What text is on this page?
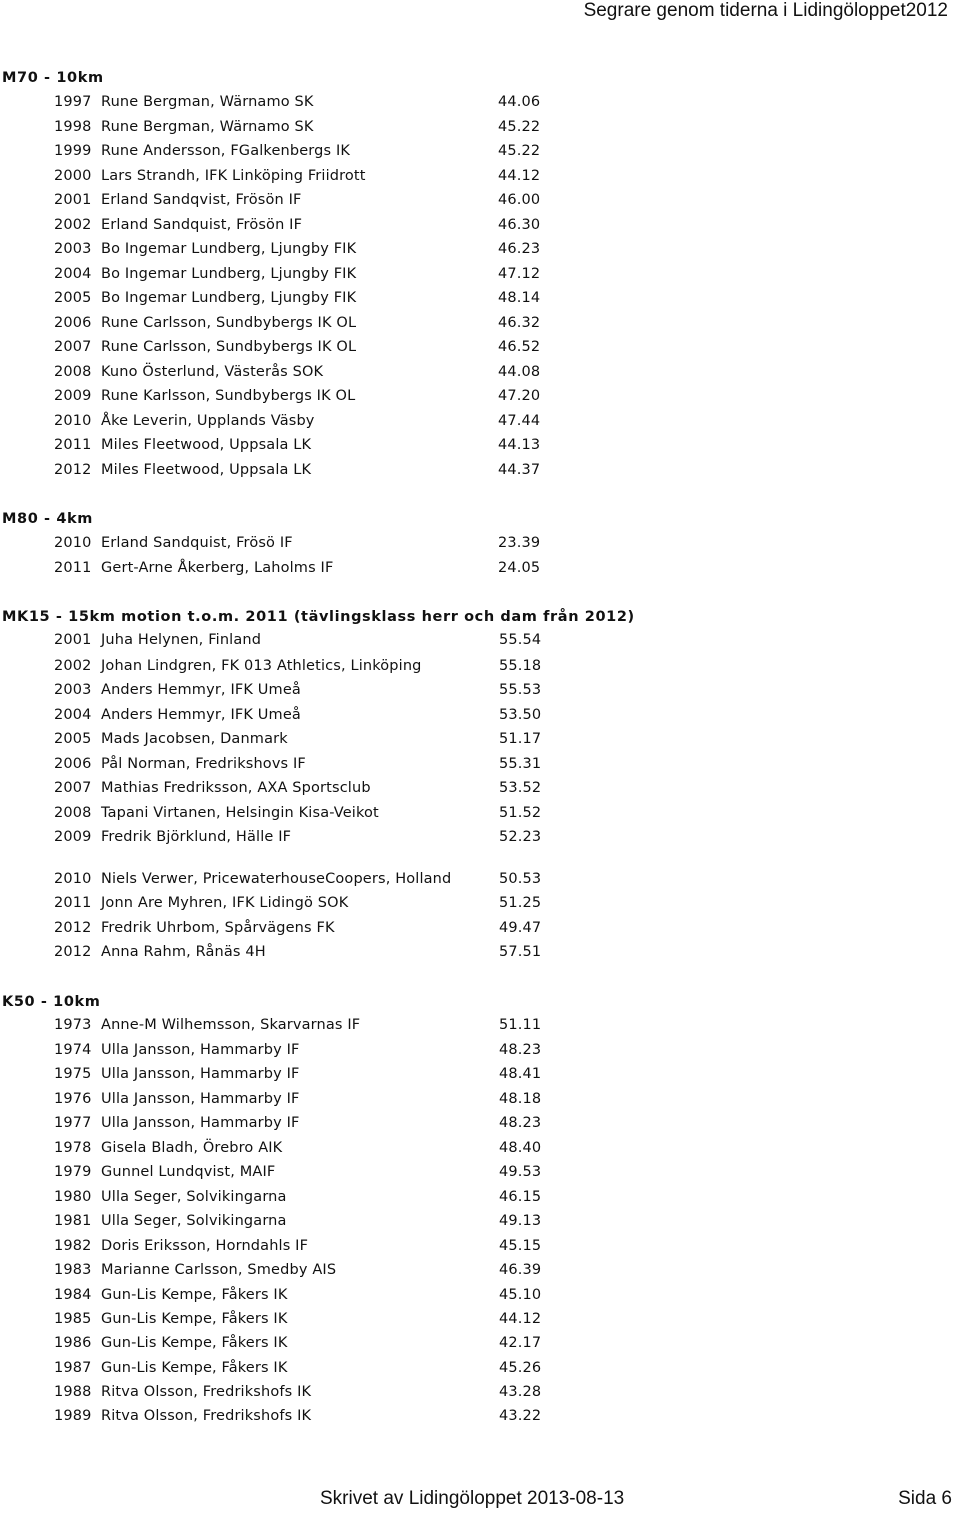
Segrare genom tiderna i Lidingöloppet2012
M70 - 10km
1997 Rune Bergman, Wärnamo SK	44.06
1998 Rune Bergman, Wärnamo SK	45.22
1999 Rune Andersson, FGalkenbergs IK	45.22
2000 Lars Strandh, IFK Linköping Friidrott	44.12
2001 Erland Sandqvist, Frösön IF	46.00
2002 Erland Sandquist, Frösön IF	46.30
2003 Bo Ingemar Lundberg, Ljungby FIK	46.23
2004 Bo Ingemar Lundberg, Ljungby FIK	47.12
2005 Bo Ingemar Lundberg, Ljungby FIK	48.14
2006 Rune Carlsson, Sundbybergs IK OL	46.32
2007 Rune Carlsson, Sundbybergs IK OL	46.52
2008 Kuno Österlund, Västerås SOK	44.08
2009 Rune Karlsson, Sundbybergs IK OL	47.20
2010 Åke Leverin, Upplands Väsby	47.44
2011 Miles Fleetwood, Uppsala LK	44.13
2012 Miles Fleetwood, Uppsala LK	44.37
M80 - 4km
2010 Erland Sandquist, Frösö IF	23.39
2011 Gert-Arne Åkerberg, Laholms IF	24.05
MK15 - 15km motion t.o.m. 2011 (tävlingsklass herr och dam från 2012)
2001 Juha Helynen, Finland	55.54
2002 Johan Lindgren, FK 013 Athletics, Linköping	55.18
2003 Anders Hemmyr, IFK Umeå	55.53
2004 Anders Hemmyr, IFK Umeå	53.50
2005 Mads Jacobsen, Danmark	51.17
2006 Pål Norman, Fredrikshovs IF	55.31
2007 Mathias Fredriksson, AXA Sportsclub	53.52
2008 Tapani Virtanen, Helsingin Kisa-Veikot	51.52
2009 Fredrik Björklund, Hälle IF	52.23
2010 Niels Verwer, PricewaterhouseCoopers, Holland	50.53
2011 Jonn Are Myhren, IFK Lidingö SOK	51.25
2012 Fredrik Uhrbom, Spårvägens FK	49.47
2012 Anna Rahm, Rånäs 4H	57.51
K50 - 10km
1973 Anne-M Wilhemsson, Skarvarnas IF	51.11
1974 Ulla Jansson, Hammarby IF	48.23
1975 Ulla Jansson, Hammarby IF	48.41
1976 Ulla Jansson, Hammarby IF	48.18
1977 Ulla Jansson, Hammarby IF	48.23
1978 Gisela Bladh, Örebro AIK	48.40
1979 Gunnel Lundqvist, MAIF	49.53
1980 Ulla Seger, Solvikingarna	46.15
1981 Ulla Seger, Solvikingarna	49.13
1982 Doris Eriksson, Horndahls IF	45.15
1983 Marianne Carlsson, Smedby AIS	46.39
1984 Gun-Lis Kempe, Fåkers IK	45.10
1985 Gun-Lis Kempe, Fåkers IK	44.12
1986 Gun-Lis Kempe, Fåkers IK	42.17
1987 Gun-Lis Kempe, Fåkers IK	45.26
1988 Ritva Olsson, Fredrikshofs IK	43.28
1989 Ritva Olsson, Fredrikshofs IK	43.22
Skrivet av Lidingöloppet 2013-08-13	Sida 6
